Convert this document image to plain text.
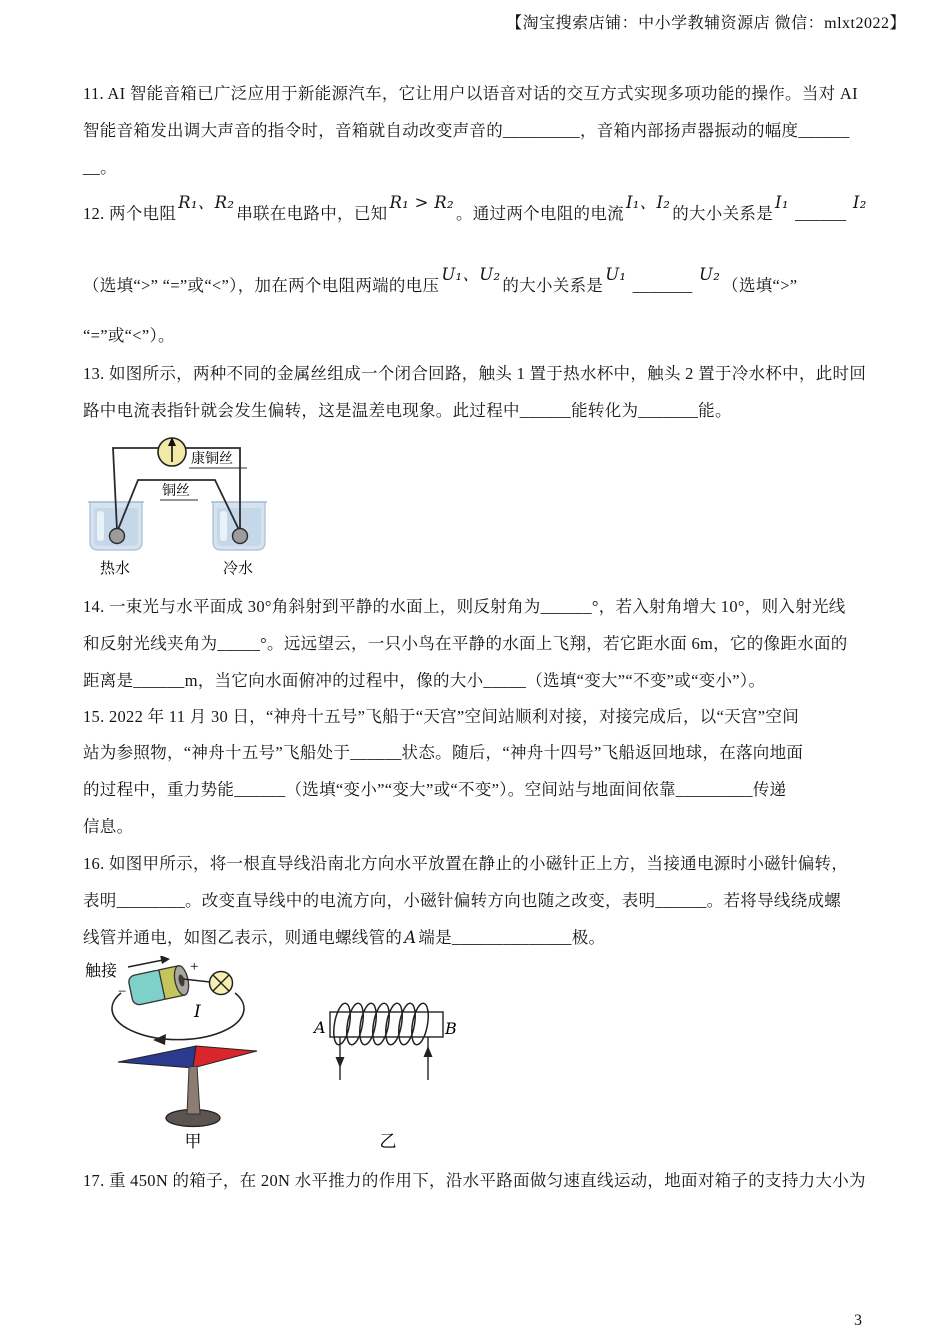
【淘宝搜索店铺：中小学教辅资源店 微信：mlxt2022】
11. AI 智能音箱已广泛应用于新能源汽车，它让用户以语音对话的交互方式实现多项功能的操作。当对 AI
智能音箱发出调大声音的指令时，音箱就自动改变声音的_________，音箱内部扬声器振动的幅度______
__。
12. 两个电阻R₁、R₂串联在电路中，已知R₁ > R₂。通过两个电阻的电流I₁、I₂的大小关系是I₁ ______ I₂
（选填“>” “=”或“<”），加在两个电阻两端的电压U₁、U₂的大小关系是U₁ _______ U₂（选填“>”
“=”或“<”）。
13. 如图所示，两种不同的金属丝组成一个闭合回路，触头 1 置于热水杯中，触头 2 置于冷水杯中，此时回
路中电流表指针就会发生偏转，这是温差电现象。此过程中______能转化为_______能。
康铜丝
铜丝
热水	冷水
14. 一束光与水平面成 30°角斜射到平静的水面上，则反射角为______°，若入射角增大 10°，则入射光线
和反射光线夹角为_____°。远远望云，一只小鸟在平静的水面上飞翔，若它距水面 6m，它的像距水面的
距离是______m，当它向水面俯冲的过程中，像的大小_____（选填“变大”“不变”或“变小”）。
15. 2022 年 11 月 30 日，“神舟十五号”飞船于“天宫”空间站顺利对接，对接完成后，以“天宫”空间
站为参照物，“神舟十五号”飞船处于______状态。随后，“神舟十四号”飞船返回地球，在落向地面
的过程中，重力势能______（选填“变小”“变大”或“不变”）。空间站与地面间依靠_________传递
信息。
16. 如图甲所示，将一根直导线沿南北方向水平放置在静止的小磁针正上方，当接通电源时小磁针偏转，
表明________。改变直导线中的电流方向，小磁针偏转方向也随之改变，表明______。若将导线绕成螺
线管并通电，如图乙表示，则通电螺线管的 A 端是______________极。
触接	+
−
I
甲
A	B
乙
17. 重 450N 的箱子，在 20N 水平推力的作用下，沿水平路面做匀速直线运动，地面对箱子的支持力大小为
3
